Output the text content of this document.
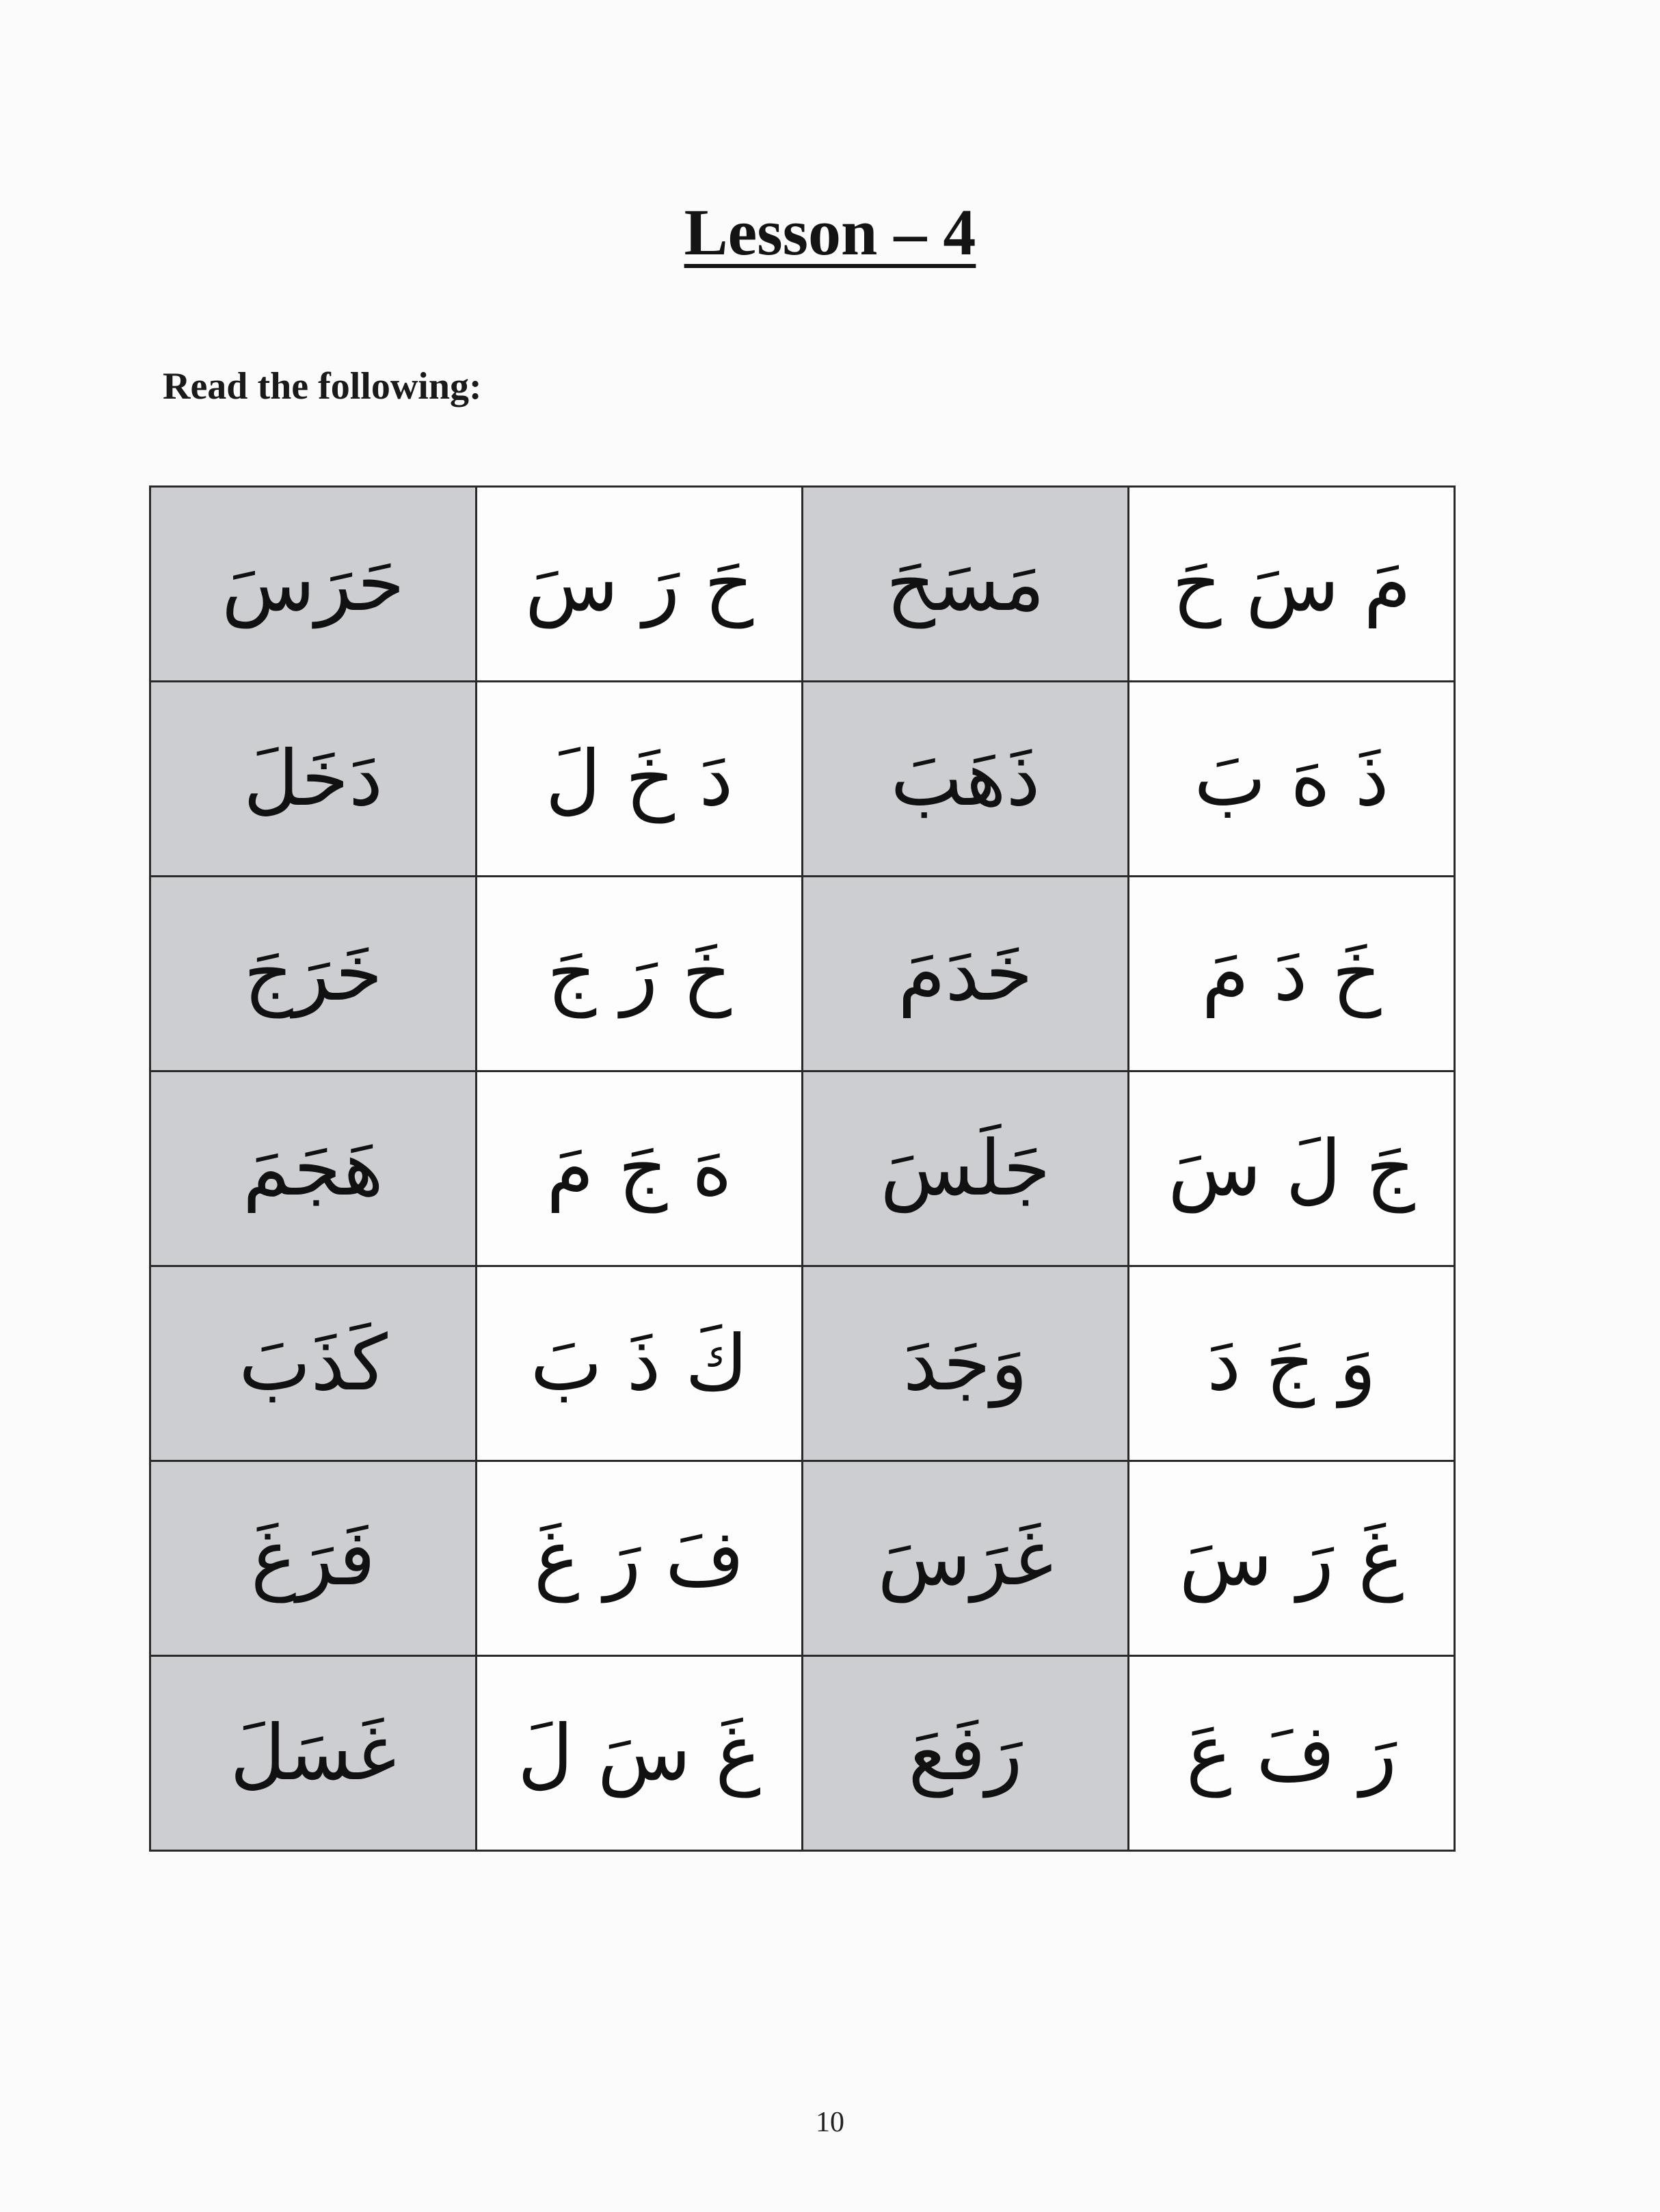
Lesson – 4
Read the following:
حَرَسَ	حَ رَ سَ	مَسَحَ	مَ سَ حَ
دَخَلَ	دَ خَ لَ	ذَهَبَ	ذَ هَ بَ
خَرَجَ	خَ رَ جَ	خَدَمَ	خَ دَ مَ
هَجَمَ	هَ جَ مَ	جَلَسَ	جَ لَ سَ
كَذَبَ	كَ ذَ بَ	وَجَدَ	وَ جَ دَ
فَرَغَ	فَ رَ غَ	غَرَسَ	غَ رَ سَ
غَسَلَ	غَ سَ لَ	رَفَعَ	رَ فَ عَ
10
